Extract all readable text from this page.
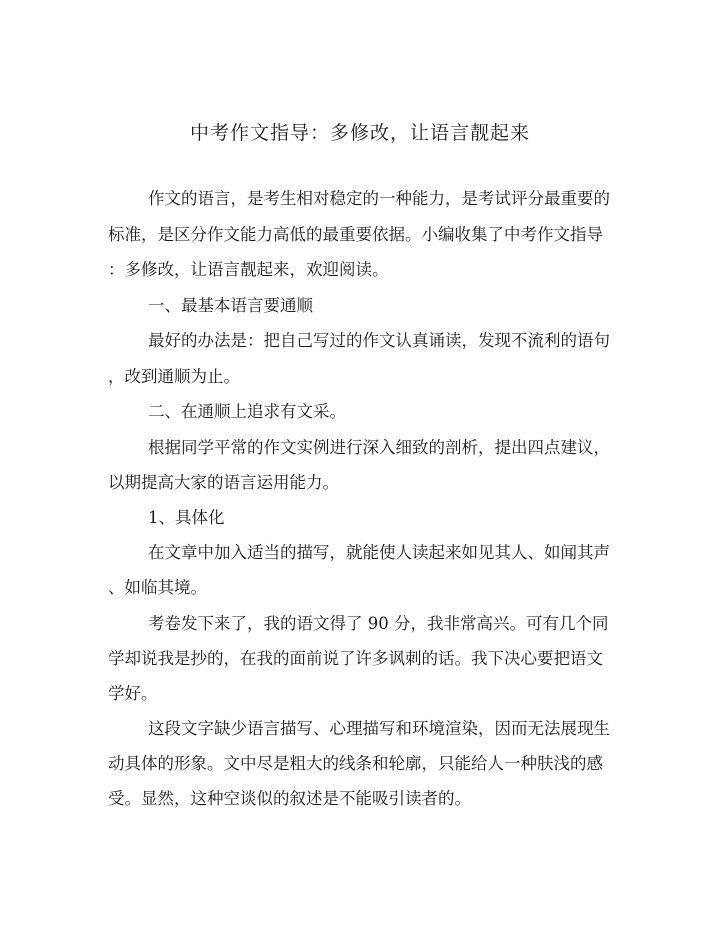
中考作文指导：多修改，让语言靓起来

作文的语言，是考生相对稳定的一种能力，是考试评分最重要的

标准，是区分作文能力高低的最重要依据。小编收集了中考作文指导

：多修改，让语言靓起来，欢迎阅读。

一、最基本语言要通顺

最好的办法是：把自己写过的作文认真诵读，发现不流利的语句

，改到通顺为止。

二、在通顺上追求有文采。

根据同学平常的作文实例进行深入细致的剖析，提出四点建议，

以期提高大家的语言运用能力。

1、具体化

在文章中加入适当的描写，就能使人读起来如见其人、如闻其声

、如临其境。

考卷发下来了，我的语文得了 90 分，我非常高兴。可有几个同

学却说我是抄的，在我的面前说了许多讽刺的话。我下决心要把语文

学好。

这段文字缺少语言描写、心理描写和环境渲染，因而无法展现生

动具体的形象。文中尽是粗大的线条和轮廓，只能给人一种肤浅的感

受。显然，这种空谈似的叙述是不能吸引读者的。
